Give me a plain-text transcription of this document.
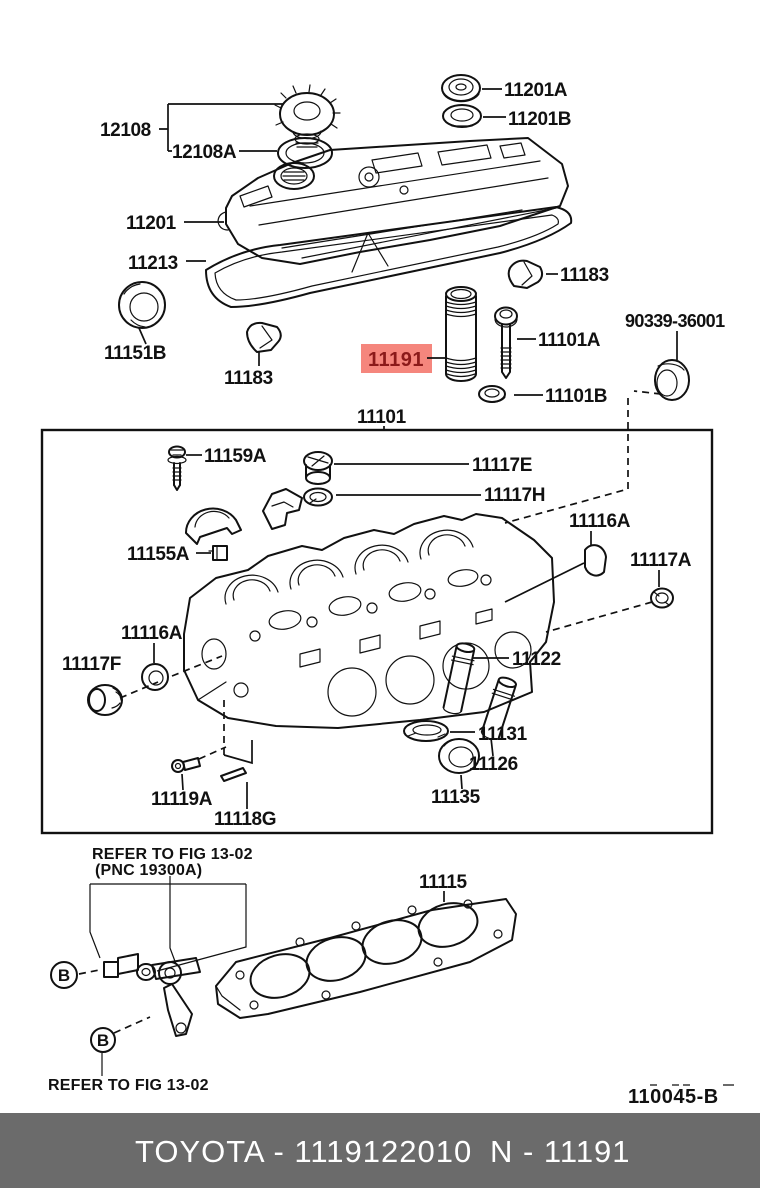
B
B
11191
12108
12108A
11201
11213
11151B
11183
11183
11201A
11201B
11101A
11101B
90339-36001
11101
11159A	11117E
11117H
11116A
11117A
11155A
11116A
11117F	11122
11126
11131
11135
11119A
11118G
11115
REFER TO FIG 13-02
(PNC 19300A)
REFER TO FIG 13-02
110045-B
TOYOTA - 1119122010 N - 11191
